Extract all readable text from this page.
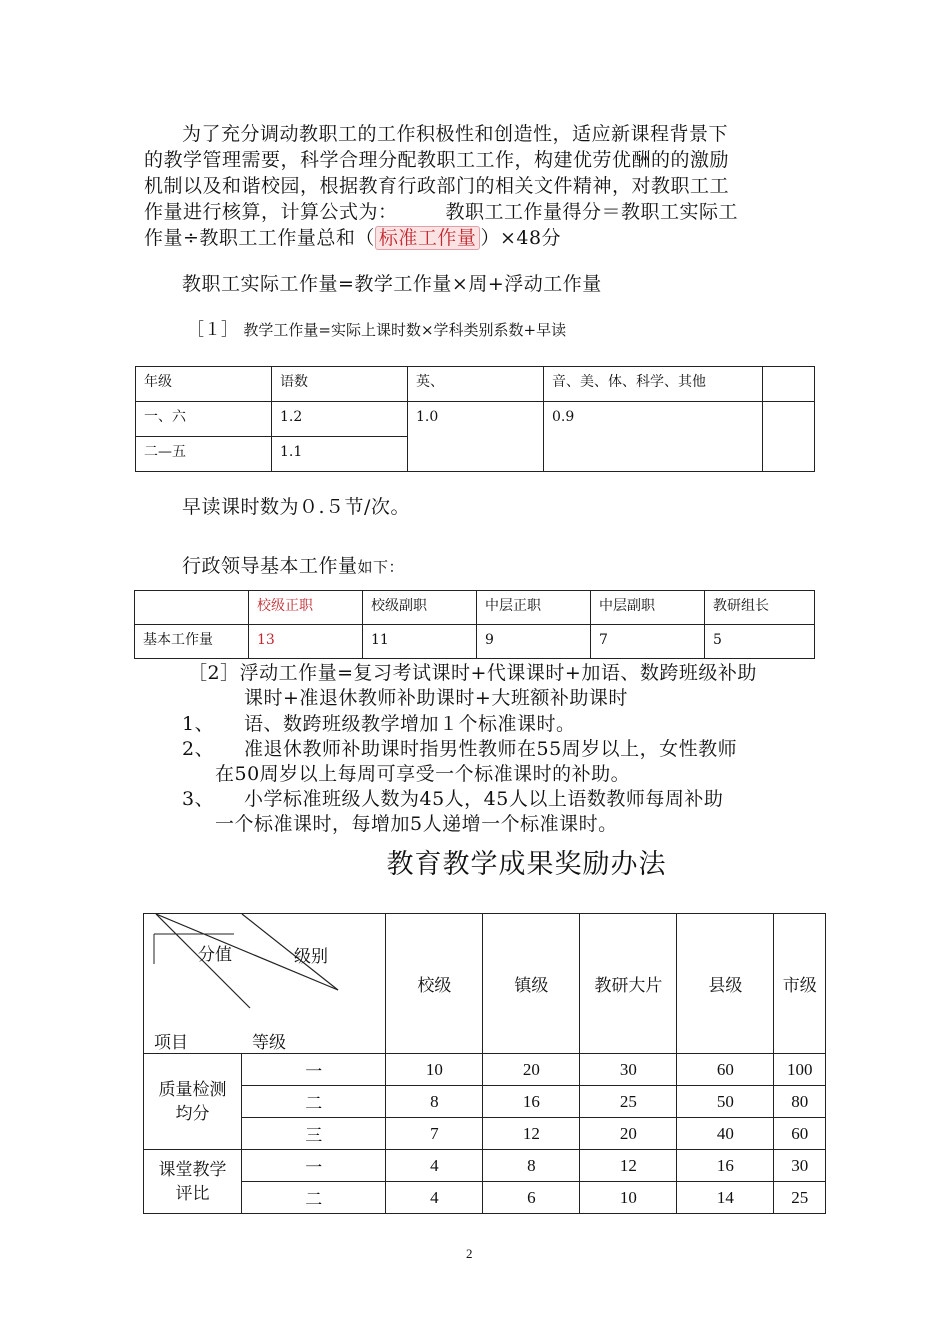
为了充分调动教职工的工作积极性和创造性，适应新课程背景下
的教学管理需要，科学合理分配教职工工作，构建优劳优酬的的激励
机制以及和谐校园，根据教育行政部门的相关文件精神，对教职工工
作量进行核算，计算公式为：	教职工工作量得分＝教职工实际工
作量÷教职工工作量总和（ 标准工作量 ）×48分
教职工实际工作量=教学工作量×周+浮动工作量
［１］ 教学工作量=实际上课时数×学科类别系数+早读
年级	语数	英、	音、美、体、科学、其他	
一、六	1.2	1.0	0.9	
二—五	1.1			
早读课时数为０.５节/次。
行政领导基本工作量如下：
	校级正职	校级副职	中层正职	中层副职	教研组长
基本工作量	13	11	9	7	5
［2］浮动工作量=复习考试课时+代课课时+加语、数跨班级补助
课时+准退休教师补助课时+大班额补助课时
1、 语、数跨班级教学增加１个标准课时。
2、 准退休教师补助课时指男性教师在55周岁以上，女性教师
在50周岁以上每周可享受一个标准课时的补助。
3、 小学标准班级人数为45人，45人以上语数教师每周补助
一个标准课时，每增加5人递增一个标准课时。
教育教学成果奖励办法
分值 级别
项目 等级		校级	镇级	教研大片	县级	市级

质量检测
均分	一	10	20	30	60	100
	二	8	16	25	50	80
	三	7	12	20	40	60

课堂教学
评比	一	4	8	12	16	30
	二	4	6	10	14	25
2
